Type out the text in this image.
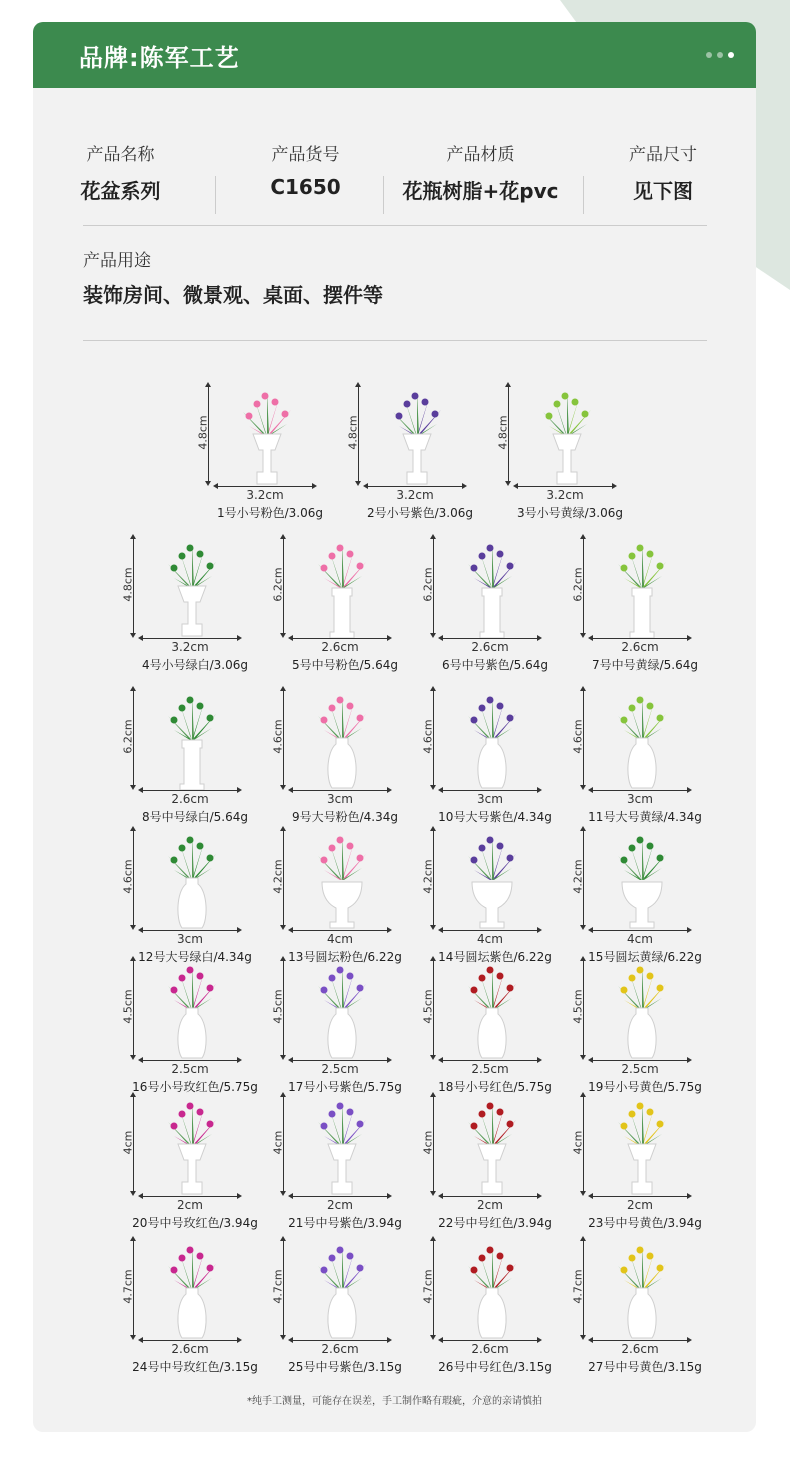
品牌:陈军工艺
产品名称
花盆系列
产品货号
C1650
产品材质
花瓶树脂+花pvc
产品尺寸
见下图
产品用途
装饰房间、微景观、桌面、摆件等
4.8cm
3.2cm
1号小号粉色/3.06g
4.8cm
3.2cm
2号小号紫色/3.06g
4.8cm
3.2cm
3号小号黄绿/3.06g
4.8cm
3.2cm
4号小号绿白/3.06g
6.2cm
2.6cm
5号中号粉色/5.64g
6.2cm
2.6cm
6号中号紫色/5.64g
6.2cm
2.6cm
7号中号黄绿/5.64g
6.2cm
2.6cm
8号中号绿白/5.64g
4.6cm
3cm
9号大号粉色/4.34g
4.6cm
3cm
10号大号紫色/4.34g
4.6cm
3cm
11号大号黄绿/4.34g
4.6cm
3cm
12号大号绿白/4.34g
4.2cm
4cm
13号圆坛粉色/6.22g
4.2cm
4cm
14号圆坛紫色/6.22g
4.2cm
4cm
15号圆坛黄绿/6.22g
4.5cm
2.5cm
16号小号玫红色/5.75g
4.5cm
2.5cm
17号小号紫色/5.75g
4.5cm
2.5cm
18号小号红色/5.75g
4.5cm
2.5cm
19号小号黄色/5.75g
4cm
2cm
20号中号玫红色/3.94g
4cm
2cm
21号中号紫色/3.94g
4cm
2cm
22号中号红色/3.94g
4cm
2cm
23号中号黄色/3.94g
4.7cm
2.6cm
24号中号玫红色/3.15g
4.7cm
2.6cm
25号中号紫色/3.15g
4.7cm
2.6cm
26号中号红色/3.15g
4.7cm
2.6cm
27号中号黄色/3.15g
*纯手工测量，可能存在误差，手工制作略有瑕疵，介意的亲请慎拍
